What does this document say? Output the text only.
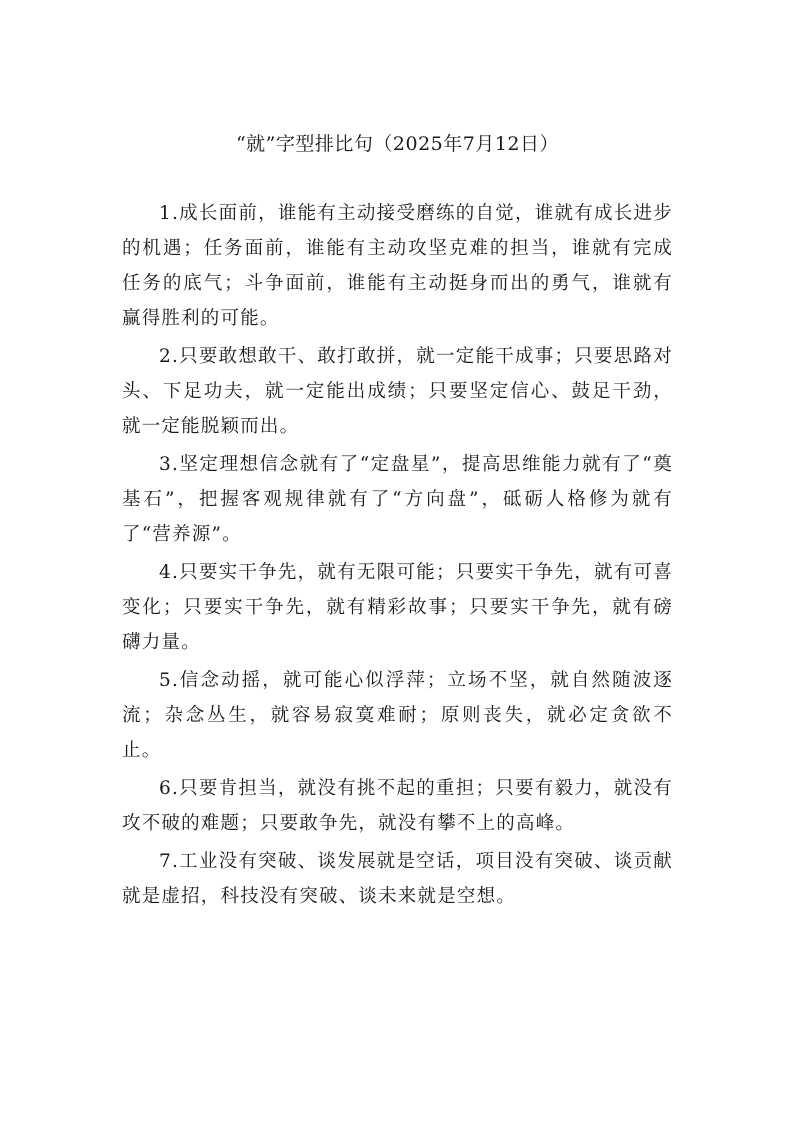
“就”字型排比句（2025年7月12日）

1.成长面前，谁能有主动接受磨练的自觉，谁就有成长进步的机遇；任务面前，谁能有主动攻坚克难的担当，谁就有完成任务的底气；斗争面前，谁能有主动挺身而出的勇气，谁就有赢得胜利的可能。

2.只要敢想敢干、敢打敢拼，就一定能干成事；只要思路对头、下足功夫，就一定能出成绩；只要坚定信心、鼓足干劲，就一定能脱颖而出。

3.坚定理想信念就有了“定盘星”，提高思维能力就有了“奠基石”，把握客观规律就有了“方向盘”，砥砺人格修为就有了“营养源”。

4.只要实干争先，就有无限可能；只要实干争先，就有可喜变化；只要实干争先，就有精彩故事；只要实干争先，就有磅礴力量。

5.信念动摇，就可能心似浮萍；立场不坚，就自然随波逐流；杂念丛生，就容易寂寞难耐；原则丧失，就必定贪欲不止。

6.只要肯担当，就没有挑不起的重担；只要有毅力，就没有攻不破的难题；只要敢争先，就没有攀不上的高峰。

7.工业没有突破、谈发展就是空话，项目没有突破、谈贡献就是虚招，科技没有突破、谈未来就是空想。
